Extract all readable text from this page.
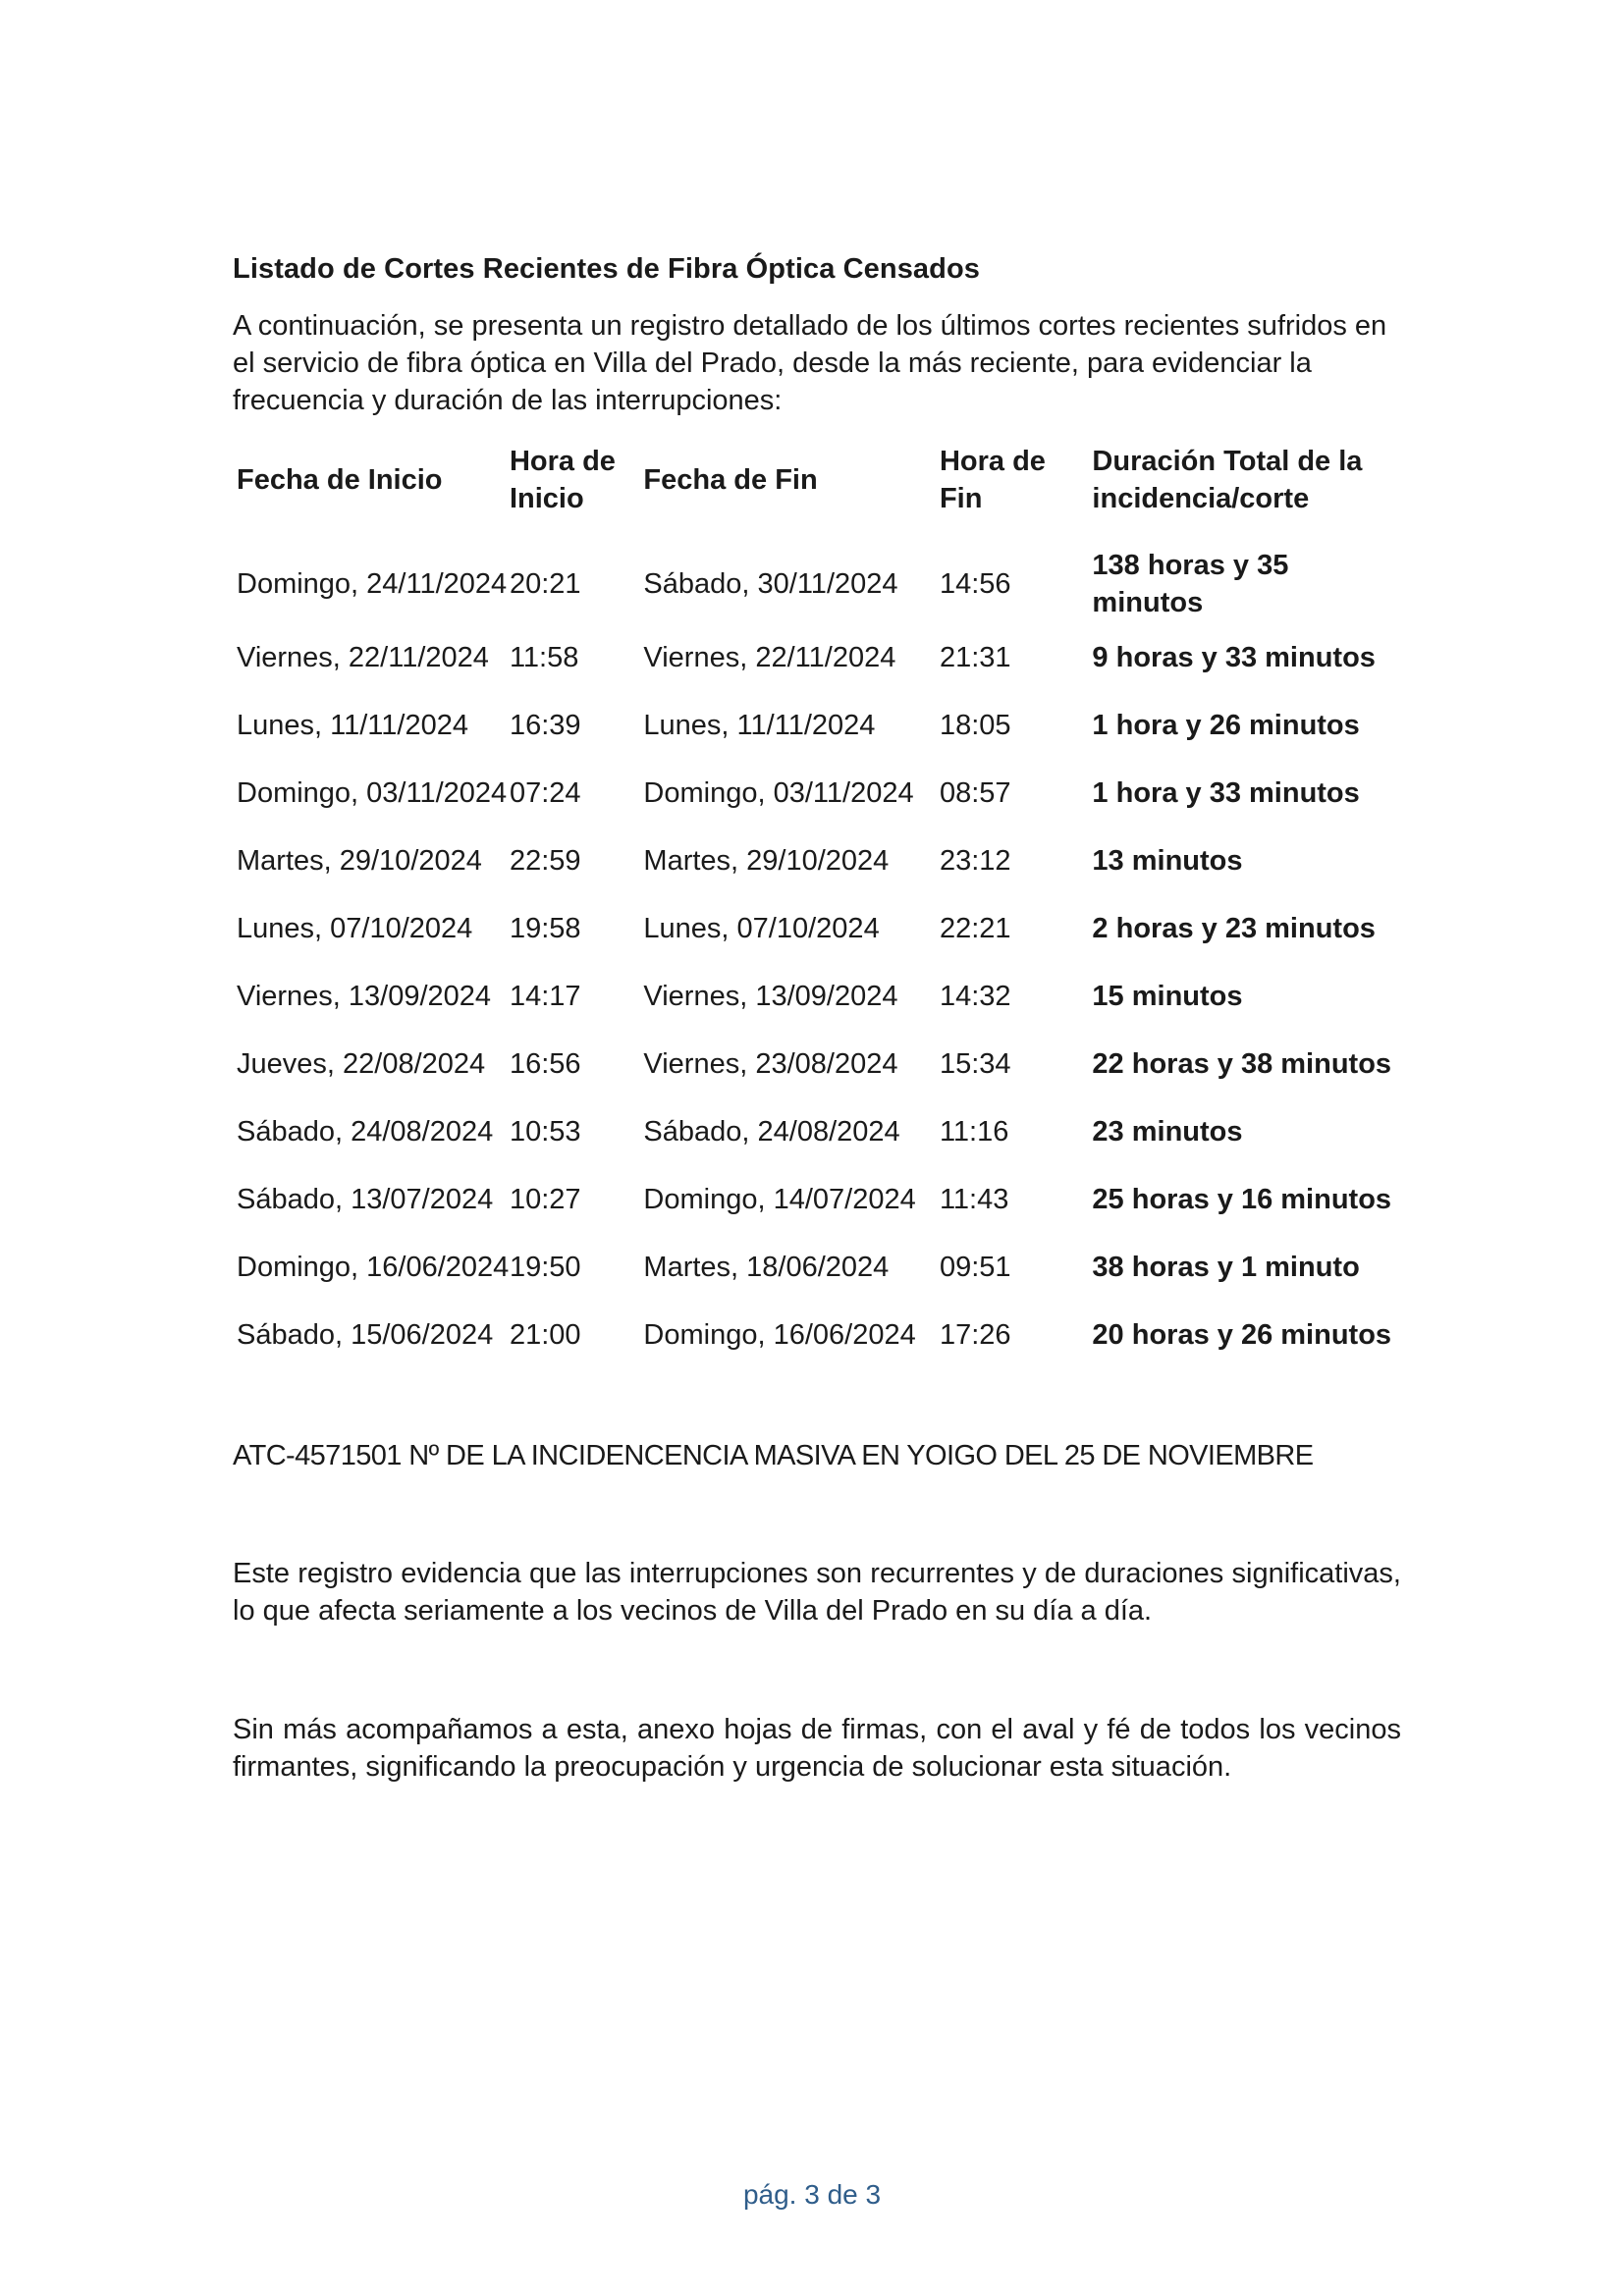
Listado de Cortes Recientes de Fibra Óptica Censados

A continuación, se presenta un registro detallado de los últimos cortes recientes sufridos en el servicio de fibra óptica en Villa del Prado, desde la más reciente, para evidenciar la frecuencia y duración de las interrupciones:

Fecha de Inicio	Hora de Inicio	Fecha de Fin	Hora de Fin	Duración Total de la incidencia/corte
Domingo, 24/11/2024	20:21	Sábado, 30/11/2024	14:56	138 horas y 35 minutos
Viernes, 22/11/2024	11:58	Viernes, 22/11/2024	21:31	9 horas y 33 minutos
Lunes, 11/11/2024	16:39	Lunes, 11/11/2024	18:05	1 hora y 26 minutos
Domingo, 03/11/2024	07:24	Domingo, 03/11/2024	08:57	1 hora y 33 minutos
Martes, 29/10/2024	22:59	Martes, 29/10/2024	23:12	13 minutos
Lunes, 07/10/2024	19:58	Lunes, 07/10/2024	22:21	2 horas y 23 minutos
Viernes, 13/09/2024	14:17	Viernes, 13/09/2024	14:32	15 minutos
Jueves, 22/08/2024	16:56	Viernes, 23/08/2024	15:34	22 horas y 38 minutos
Sábado, 24/08/2024	10:53	Sábado, 24/08/2024	11:16	23 minutos
Sábado, 13/07/2024	10:27	Domingo, 14/07/2024	11:43	25 horas y 16 minutos
Domingo, 16/06/2024	19:50	Martes, 18/06/2024	09:51	38 horas y 1 minuto
Sábado, 15/06/2024	21:00	Domingo, 16/06/2024	17:26	20 horas y 26 minutos

ATC-4571501 Nº DE LA INCIDENCENCIA MASIVA EN YOIGO DEL 25 DE NOVIEMBRE

Este registro evidencia que las interrupciones son recurrentes y de duraciones significativas, lo que afecta seriamente a los vecinos de Villa del Prado en su día a día.

Sin más acompañamos a esta, anexo hojas de firmas, con el aval y fé de todos los vecinos firmantes, significando la preocupación y urgencia de solucionar esta situación.

pág. 3 de 3
